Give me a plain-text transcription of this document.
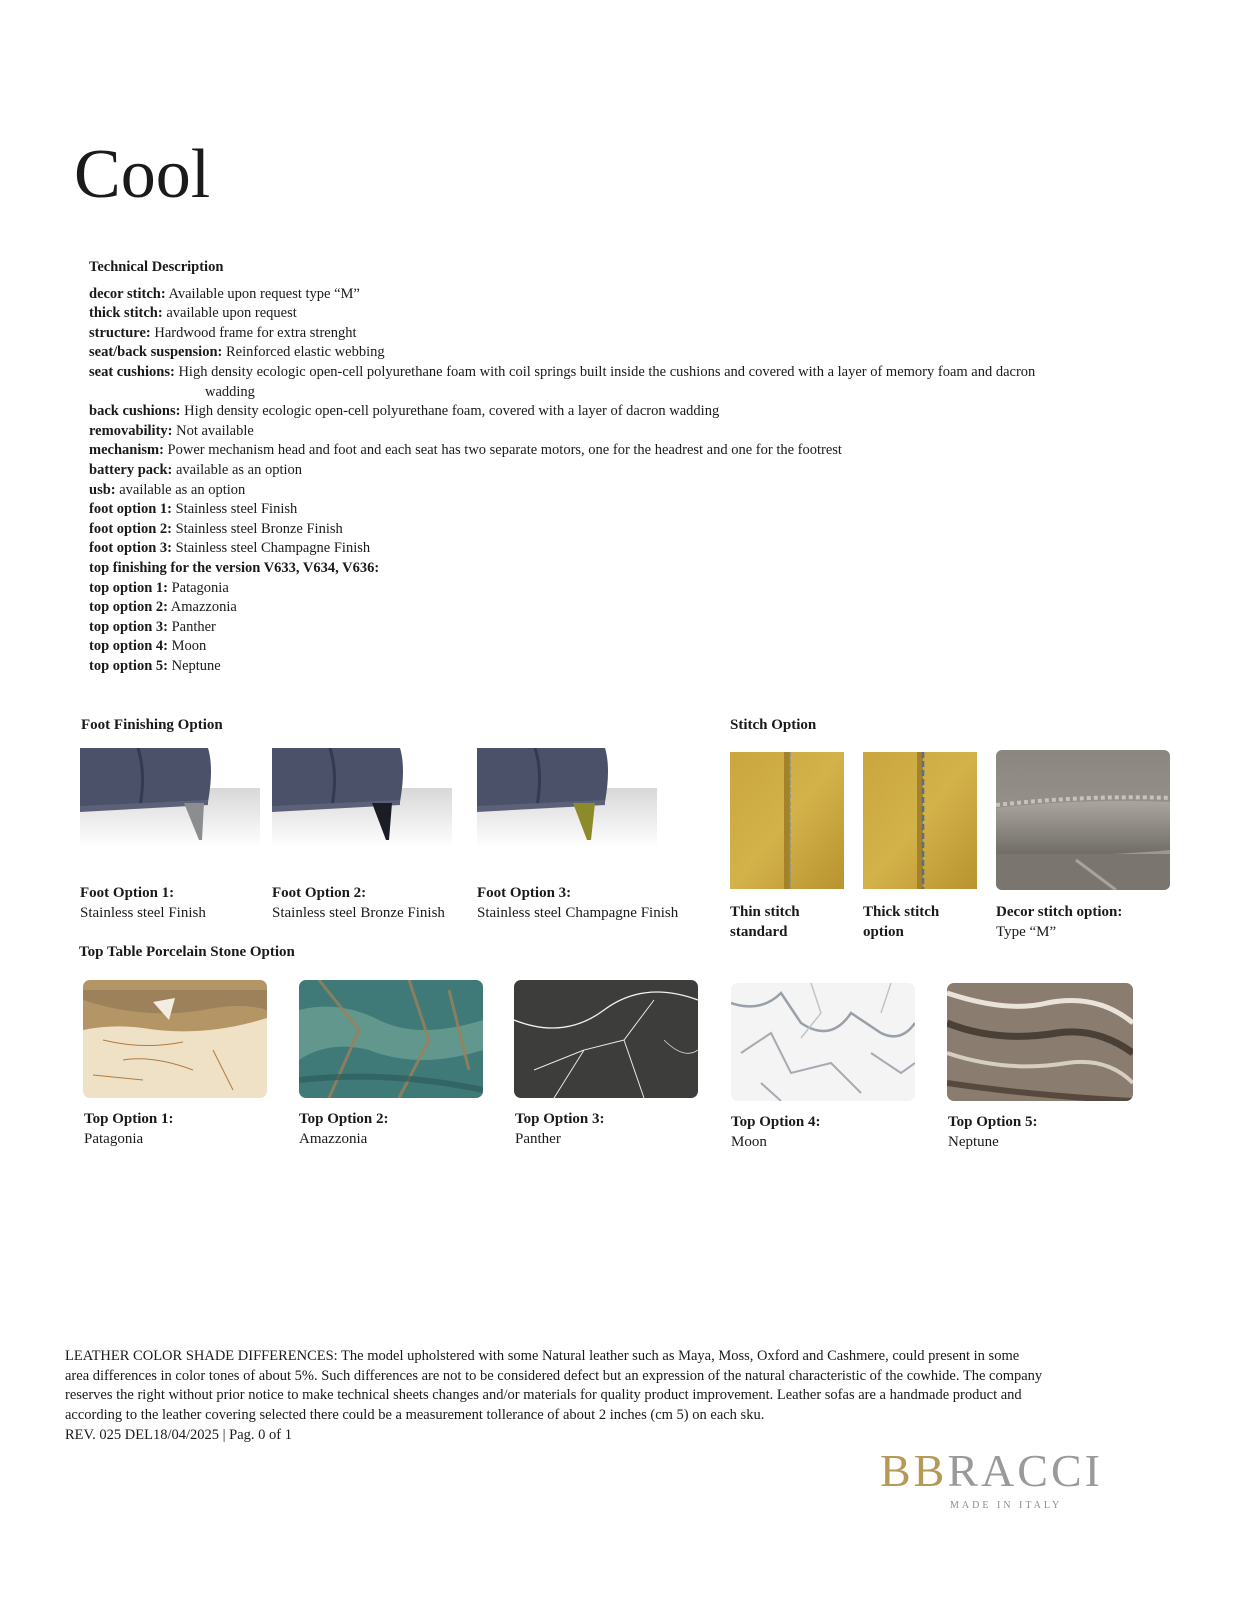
Cool
Technical Description
decor stitch: Available upon request type “M”
thick stitch: available upon request
structure: Hardwood frame for extra strenght
seat/back suspension: Reinforced elastic webbing
seat cushions: High density ecologic open-cell polyurethane foam with coil springs built inside the cushions and covered with a layer of memory foam and dacron
wadding
back cushions: High density ecologic open-cell polyurethane foam, covered with a layer of dacron wadding
removability: Not available
mechanism: Power mechanism head and foot and each seat has two separate motors, one for the headrest and one for the footrest
battery pack: available as an option
usb: available as an option
foot option 1: Stainless steel Finish
foot option 2: Stainless steel Bronze Finish
foot option 3: Stainless steel Champagne Finish
top finishing for the version V633, V634, V636:
top option 1: Patagonia
top option 2: Amazzonia
top option 3: Panther
top option 4: Moon
top option 5: Neptune
Foot Finishing Option
Foot Option 1:
Stainless steel Finish
Foot Option 2:
Stainless steel Bronze Finish
Foot Option 3:
Stainless steel Champagne Finish
Stitch Option
Thin stitch
standard
Thick stitch
option
Decor stitch option:
Type “M”
Top Table Porcelain Stone Option
Top Option 1:
Patagonia
Top Option 2:
Amazzonia
Top Option 3:
Panther
Top Option 4:
Moon
Top Option 5:
Neptune
LEATHER COLOR SHADE DIFFERENCES: The model upholstered with some Natural leather such as Maya, Moss, Oxford and Cashmere, could present in some
area differences in color tones of about 5%. Such differences are not to be considered defect but an expression of the natural characteristic of the cowhide. The company
reserves the right without prior notice to make technical sheets changes and/or materials for quality product improvement. Leather sofas are a handmade product and
according to the leather covering selected there could be a measurement tollerance of about 2 inches (cm 5) on each sku.
REV. 025 DEL18/04/2025 | Pag. 0 of 1
BBRACCI
MADE IN ITALY
